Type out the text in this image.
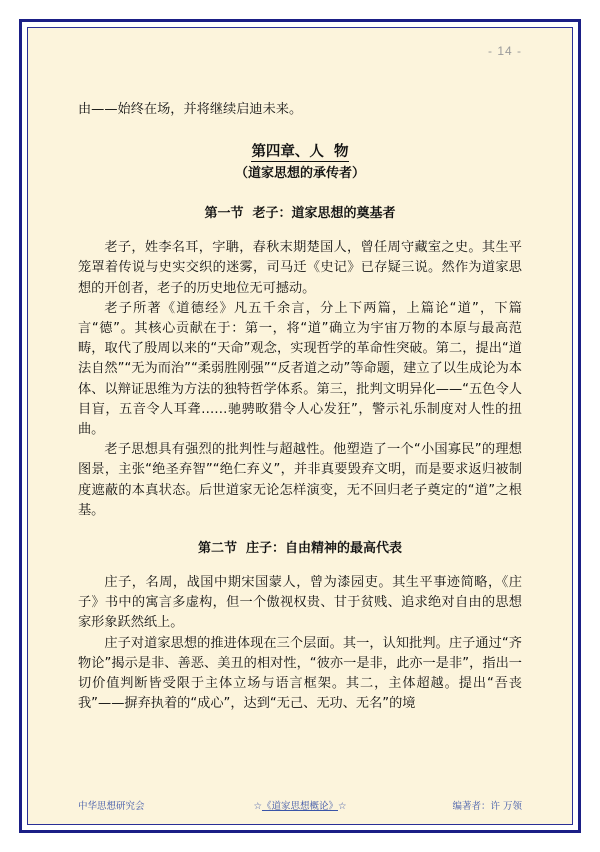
- 14 -

由——始终在场，并将继续启迪未来。

第四章、人  物
（道家思想的承传者）
第一节  老子：道家思想的奠基者

老子，姓李名耳，字聃，春秋末期楚国人，曾任周守藏室之史。其生平笼罩着传说与史实交织的迷雾，司马迁《史记》已存疑三说。然作为道家思想的开创者，老子的历史地位无可撼动。

老子所著《道德经》凡五千余言，分上下两篇，上篇论“道”，下篇言“德”。其核心贡献在于：第一，将“道”确立为宇宙万物的本原与最高范畴，取代了殷周以来的“天命”观念，实现哲学的革命性突破。第二，提出“道法自然”“无为而治”“柔弱胜刚强”“反者道之动”等命题，建立了以生成论为本体、以辩证思维为方法的独特哲学体系。第三，批判文明异化——“五色令人目盲，五音令人耳聋……驰骋畋猎令人心发狂”，警示礼乐制度对人性的扭曲。

老子思想具有强烈的批判性与超越性。他塑造了一个“小国寡民”的理想图景，主张“绝圣弃智”“绝仁弃义”，并非真要毁弃文明，而是要求返归被制度遮蔽的本真状态。后世道家无论怎样演变，无不回归老子奠定的“道”之根基。

第二节  庄子：自由精神的最高代表

庄子，名周，战国中期宋国蒙人，曾为漆园吏。其生平事迹简略，《庄子》书中的寓言多虚构，但一个傲视权贵、甘于贫贱、追求绝对自由的思想家形象跃然纸上。

庄子对道家思想的推进体现在三个层面。其一，认知批判。庄子通过“齐物论”揭示是非、善恶、美丑的相对性，“彼亦一是非，此亦一是非”，指出一切价值判断皆受限于主体立场与语言框架。其二，主体超越。提出“吾丧我”——摒弃执着的“成心”，达到“无己、无功、无名”的境

中华思想研究会	☆《道家思想概论》☆	编著者：许 万领
